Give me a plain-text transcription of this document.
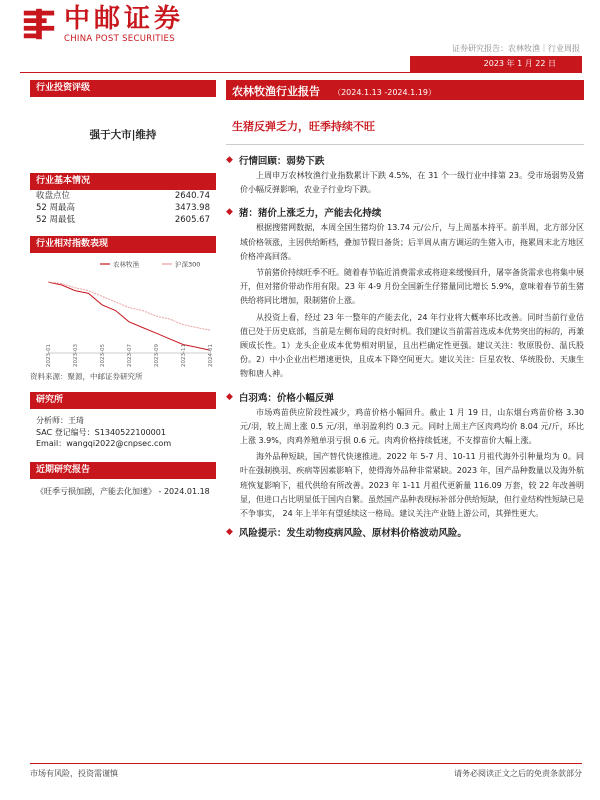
中邮证券
CHINA POST SECURITIES
证券研究报告：农林牧渔｜行业周报
2023 年 1 月 22 日
行业投资评级
强于大市|维持
行业基本情况
收盘点位	2640.74
52 周最高	3473.98
52 周最低	2605.67
行业相对指数表现
农林牧渔	沪深300
2023-01	2023-03	2023-05	2023-07	2023-09	2023-11	2024-01
资料来源：聚源，中邮证券研究所
研究所
分析师：王琦
SAC 登记编号：S1340522100001
Email：wangqi2022@cnpsec.com
近期研究报告
《旺季亏损加剧，产能去化加速》 - 2024.01.18
农林牧渔行业报告 （2024.1.13 -2024.1.19）
生猪反弹乏力，旺季持续不旺
◆ 行情回顾：弱势下跌
上周申万农林牧渔行业指数累计下跌 4.5%，在 31 个一级行业中排第 23。受市场弱势及猪价小幅反弹影响，农业子行业均下跌。
◆ 猪：猪价上涨乏力，产能去化持续
根据搜猪网数据，本周全国生猪均价 13.74 元/公斤，与上周基本持平。前半周，北方部分区域价格领涨，主因供给断档，叠加节假日备货；后半周从南方调运的生猪入市，拖累周末北方地区价格冲高回落。
节前猪价持续旺季不旺。随着春节临近消费需求或将迎来缓慢回升，屠宰备货需求也将集中展开，但对猪价带动作用有限。23 年 4-9 月份全国新生仔猪量同比增长 5.9%，意味着春节前生猪供给将同比增加，限制猪价上涨。
从投资上看，经过 23 年一整年的产能去化，24 年行业将大概率环比改善。同时当前行业估值已处于历史底部，当前是左侧布局的良好时机。我们建议当前需首选成本优势突出的标的，再兼顾成长性。1）龙头企业成本优势相对明显，且出栏确定性更强。建议关注：牧原股份、温氏股份。2）中小企业出栏增速更快，且成本下降空间更大。建议关注：巨星农牧、华统股份、天康生物和唐人神。
◆ 白羽鸡：价格小幅反弹
市场鸡苗供应阶段性减少，鸡苗价格小幅回升。截止 1 月 19 日，山东烟台鸡苗价格 3.30 元/羽，较上周上涨 0.5 元/羽，单羽盈利约 0.3 元。同时上周主产区肉鸡均价 8.04 元/斤，环比上涨 3.9%，肉鸡养殖单羽亏损 0.6 元。肉鸡价格持续低迷，不支撑苗价大幅上涨。
海外品种短缺，国产替代快速推进。2022 年 5-7 月、10-11 月祖代海外引种量均为 0。同叶在强制换羽、疾病等因素影响下，使得海外品种非常紧缺。2023 年，国产品种数量以及海外航班恢复影响下，祖代供给有所改善。2023 年 1-11 月祖代更新量 116.09 万套，较 22 年改善明显，但进口占比明显低于国内自繁。虽然国产品种表现标补部分供给短缺，但行业结构性短缺已是不争事实， 24 年上半年有望延续这一格局。建议关注产业链上游公司，其弹性更大。
◆ 风险提示：发生动物疫病风险、原材料价格波动风险。
市场有风险，投资需谨慎	请务必阅读正文之后的免责条款部分
